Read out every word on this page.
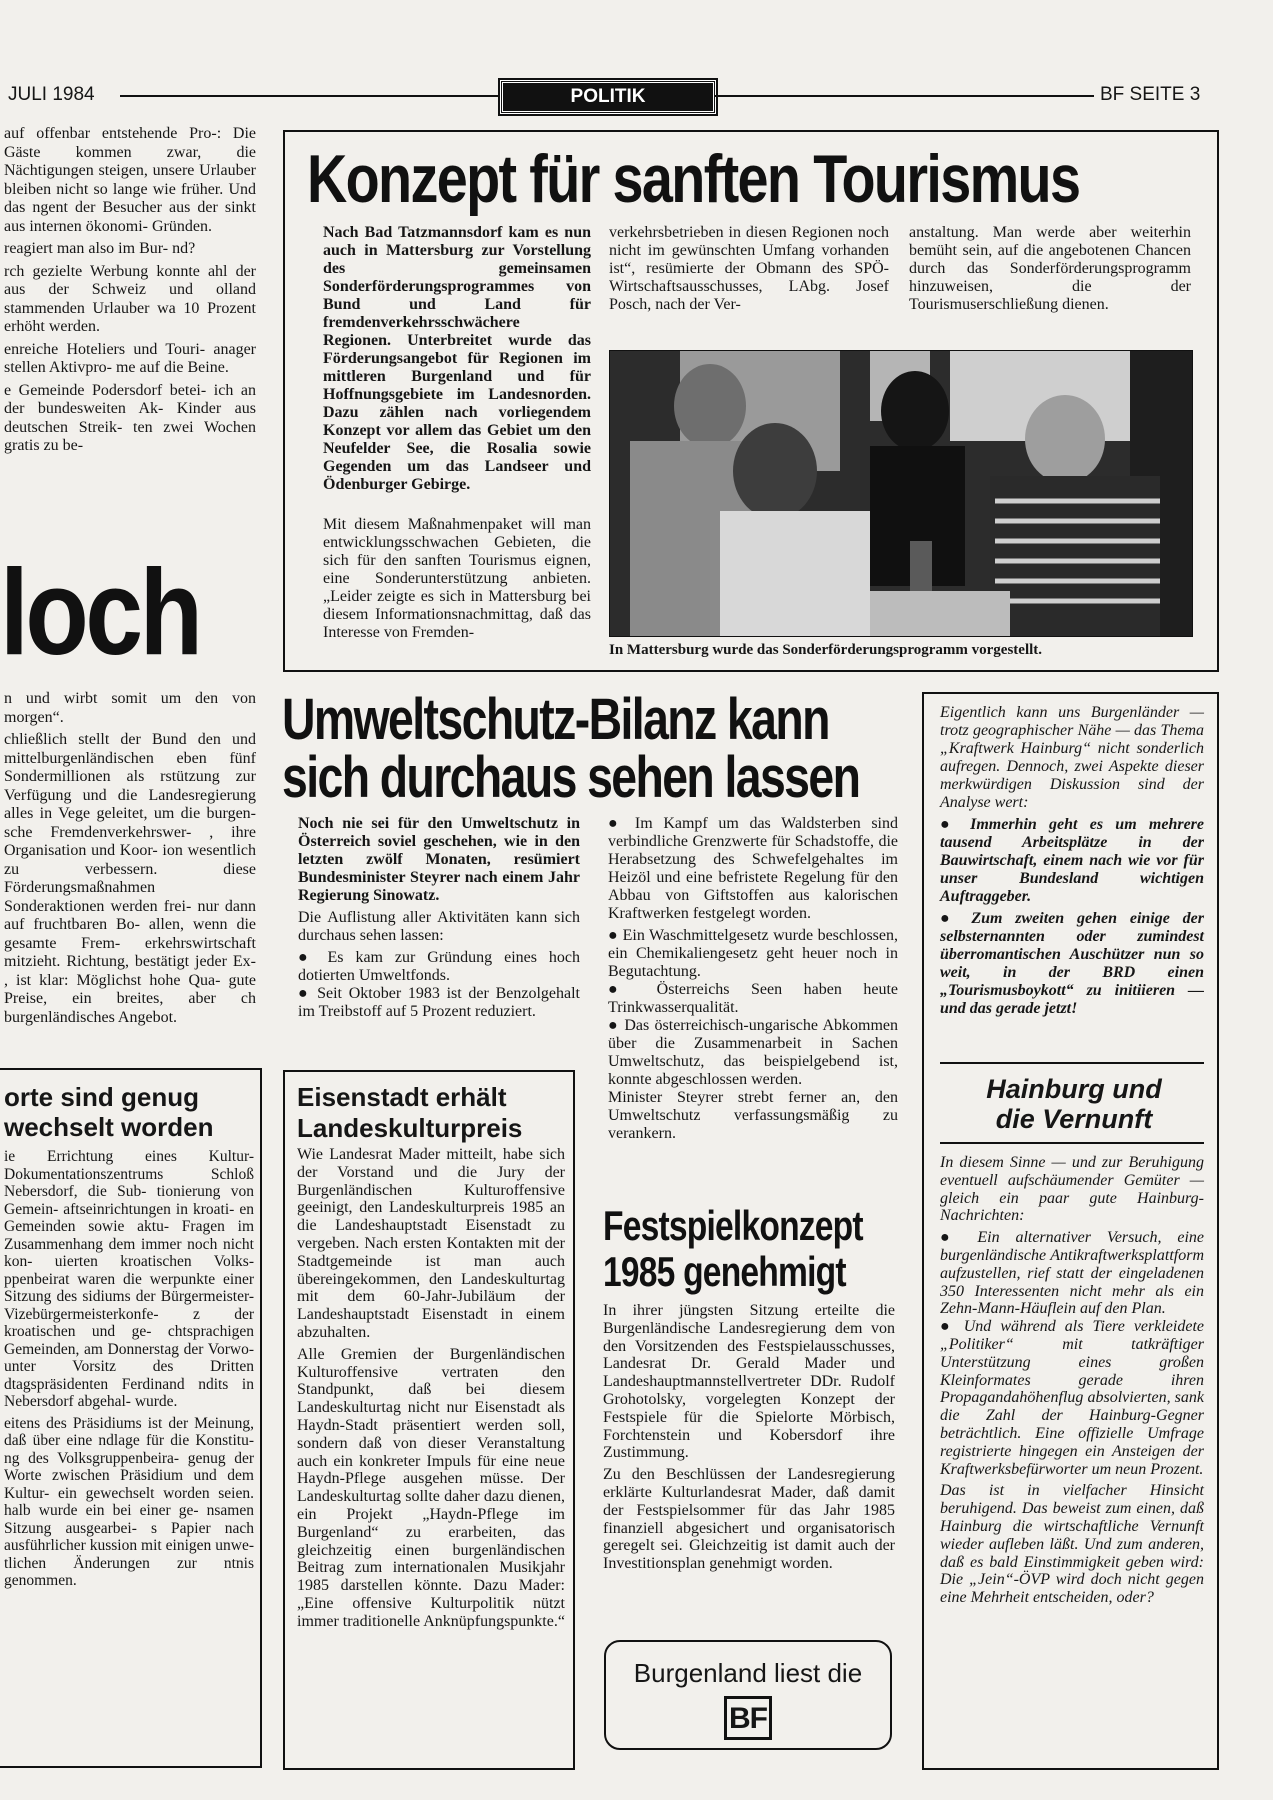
JULI 1984	POLITIK	BF SEITE 3

auf offenbar entstehende Pro-: Die Gäste kommen zwar, die Nächtigungen steigen, unsere Urlauber bleiben nicht so lange wie früher. Und das ngent der Besucher aus der sinkt aus internen ökonomi- Gründen.

reagiert man also im Bur- nd?

rch gezielte Werbung konnte ahl der aus der Schweiz und olland stammenden Urlauber wa 10 Prozent erhöht werden.

enreiche Hoteliers und Touri- anager stellen Aktivpro- me auf die Beine.

e Gemeinde Podersdorf betei- ich an der bundesweiten Ak- Kinder aus deutschen Streik- ten zwei Wochen gratis zu be-

loch

n und wirbt somit um den von morgen“.

chließlich stellt der Bund den und mittelburgenländischen eben fünf Sondermillionen als rstützung zur Verfügung und die Landesregierung alles in Vege geleitet, um die burgen- sche Fremdenverkehrswer- , ihre Organisation und Koor- ion wesentlich zu verbessern. diese Förderungsmaßnahmen Sonderaktionen werden frei- nur dann auf fruchtbaren Bo- allen, wenn die gesamte Frem- erkehrswirtschaft mitzieht. Richtung, bestätigt jeder Ex- , ist klar: Möglichst hohe Qua- gute Preise, ein breites, aber ch burgenländisches Angebot.

orte sind genug wechselt worden

ie Errichtung eines Kultur- Dokumentationszentrums Schloß Nebersdorf, die Sub- tionierung von Gemein- aftseinrichtungen in kroati- en Gemeinden sowie aktu- Fragen im Zusammenhang dem immer noch nicht kon- uierten kroatischen Volks- ppenbeirat waren die werpunkte einer Sitzung des sidiums der Bürgermeister- Vizebürgermeisterkonfe- z der kroatischen und ge- chtsprachigen Gemeinden, am Donnerstag der Vorwo- unter Vorsitz des Dritten dtagspräsidenten Ferdinand ndits in Nebersdorf abgehal- wurde.

eitens des Präsidiums ist der Meinung, daß über eine ndlage für die Konstitu- ng des Volksgruppenbeira- genug der Worte zwischen Präsidium und dem Kultur- ein gewechselt worden seien. halb wurde ein bei einer ge- nsamen Sitzung ausgearbei- s Papier nach ausführlicher kussion mit einigen unwe- tlichen Änderungen zur ntnis genommen.

Konzept für sanften Tourismus

Nach Bad Tatzmannsdorf kam es nun auch in Mattersburg zur Vorstellung des gemeinsamen Sonderförderungsprogrammes von Bund und Land für fremdenverkehrsschwächere Regionen. Unterbreitet wurde das Förderungsangebot für Regionen im mittleren Burgenland und für Hoffnungsgebiete im Landesnorden. Dazu zählen nach vorliegendem Konzept vor allem das Gebiet um den Neufelder See, die Rosalia sowie Gegenden um das Landseer und Ödenburger Gebirge.

Mit diesem Maßnahmenpaket will man entwicklungsschwachen Gebieten, die sich für den sanften Tourismus eignen, eine Sonderunterstützung anbieten. „Leider zeigte es sich in Mattersburg bei diesem Informationsnachmittag, daß das Interesse von Fremden-

verkehrsbetrieben in diesen Regionen noch nicht im gewünschten Umfang vorhanden ist“, resümierte der Obmann des SPÖ-Wirtschaftsausschusses, LAbg. Josef Posch, nach der Ver-

anstaltung. Man werde aber weiterhin bemüht sein, auf die angebotenen Chancen durch das Sonderförderungsprogramm hinzuweisen, die der Tourismuserschließung dienen.

In Mattersburg wurde das Sonderförderungsprogramm vorgestellt.
Umweltschutz-Bilanz kann
sich durchaus sehen lassen

Noch nie sei für den Umweltschutz in Österreich soviel geschehen, wie in den letzten zwölf Monaten, resümiert Bundesminister Steyrer nach einem Jahr Regierung Sinowatz.

Die Auflistung aller Aktivitäten kann sich durchaus sehen lassen:

● Es kam zur Gründung eines hoch dotierten Umweltfonds.

● Seit Oktober 1983 ist der Benzolgehalt im Treibstoff auf 5 Prozent reduziert.

● Im Kampf um das Waldsterben sind verbindliche Grenzwerte für Schadstoffe, die Herabsetzung des Schwefelgehaltes im Heizöl und eine befristete Regelung für den Abbau von Giftstoffen aus kalorischen Kraftwerken festgelegt worden.

● Ein Waschmittelgesetz wurde beschlossen, ein Chemikaliengesetz geht heuer noch in Begutachtung.

● Österreichs Seen haben heute Trinkwasserqualität.

● Das österreichisch-ungarische Abkommen über die Zusammenarbeit in Sachen Umweltschutz, das beispielgebend ist, konnte abgeschlossen werden.

Minister Steyrer strebt ferner an, den Umweltschutz verfassungsmäßig zu verankern.

Eigentlich kann uns Burgenländer — trotz geographischer Nähe — das Thema „Kraftwerk Hainburg“ nicht sonderlich aufregen. Dennoch, zwei Aspekte dieser merkwürdigen Diskussion sind der Analyse wert:

● Immerhin geht es um mehrere tausend Arbeitsplätze in der Bauwirtschaft, einem nach wie vor für unser Bundesland wichtigen Auftraggeber.

● Zum zweiten gehen einige der selbsternannten oder zumindest überromantischen Auschützer nun so weit, in der BRD einen „Tourismusboykott“ zu initiieren — und das gerade jetzt!

Hainburg und die Vernunft

In diesem Sinne — und zur Beruhigung eventuell aufschäumender Gemüter — gleich ein paar gute Hainburg-Nachrichten:

● Ein alternativer Versuch, eine burgenländische Antikraftwerksplattform aufzustellen, rief statt der eingeladenen 350 Interessenten nicht mehr als ein Zehn-Mann-Häuflein auf den Plan.

● Und während als Tiere verkleidete „Politiker“ mit tatkräftiger Unterstützung eines großen Kleinformates gerade ihren Propagandahöhenflug absolvierten, sank die Zahl der Hainburg-Gegner beträchtlich. Eine offizielle Umfrage registrierte hingegen ein Ansteigen der Kraftwerksbefürworter um neun Prozent.

Das ist in vielfacher Hinsicht beruhigend. Das beweist zum einen, daß Hainburg die wirtschaftliche Vernunft wieder aufleben läßt. Und zum anderen, daß es bald Einstimmigkeit geben wird: Die „Jein“-ÖVP wird doch nicht gegen eine Mehrheit entscheiden, oder?

Eisenstadt erhält Landeskulturpreis

Wie Landesrat Mader mitteilt, habe sich der Vorstand und die Jury der Burgenländischen Kulturoffensive geeinigt, den Landeskulturpreis 1985 an die Landeshauptstadt Eisenstadt zu vergeben. Nach ersten Kontakten mit der Stadtgemeinde ist man auch übereingekommen, den Landeskulturtag mit dem 60-Jahr-Jubiläum der Landeshauptstadt Eisenstadt in einem abzuhalten.

Alle Gremien der Burgenländischen Kulturoffensive vertraten den Standpunkt, daß bei diesem Landeskulturtag nicht nur Eisenstadt als Haydn-Stadt präsentiert werden soll, sondern daß von dieser Veranstaltung auch ein konkreter Impuls für eine neue Haydn-Pflege ausgehen müsse. Der Landeskulturtag sollte daher dazu dienen, ein Projekt „Haydn-Pflege im Burgenland“ zu erarbeiten, das gleichzeitig einen burgenländischen Beitrag zum internationalen Musikjahr 1985 darstellen könnte. Dazu Mader: „Eine offensive Kulturpolitik nützt immer traditionelle Anknüpfungspunkte.“

Festspielkonzept
1985 genehmigt

In ihrer jüngsten Sitzung erteilte die Burgenländische Landesregierung dem von den Vorsitzenden des Festspielausschusses, Landesrat Dr. Gerald Mader und Landeshauptmannstellvertreter DDr. Rudolf Grohotolsky, vorgelegten Konzept der Festspiele für die Spielorte Mörbisch, Forchtenstein und Kobersdorf ihre Zustimmung.

Zu den Beschlüssen der Landesregierung erklärte Kulturlandesrat Mader, daß damit der Festspielsommer für das Jahr 1985 finanziell abgesichert und organisatorisch geregelt sei. Gleichzeitig ist damit auch der Investitionsplan genehmigt worden.

Burgenland liest die
BF
